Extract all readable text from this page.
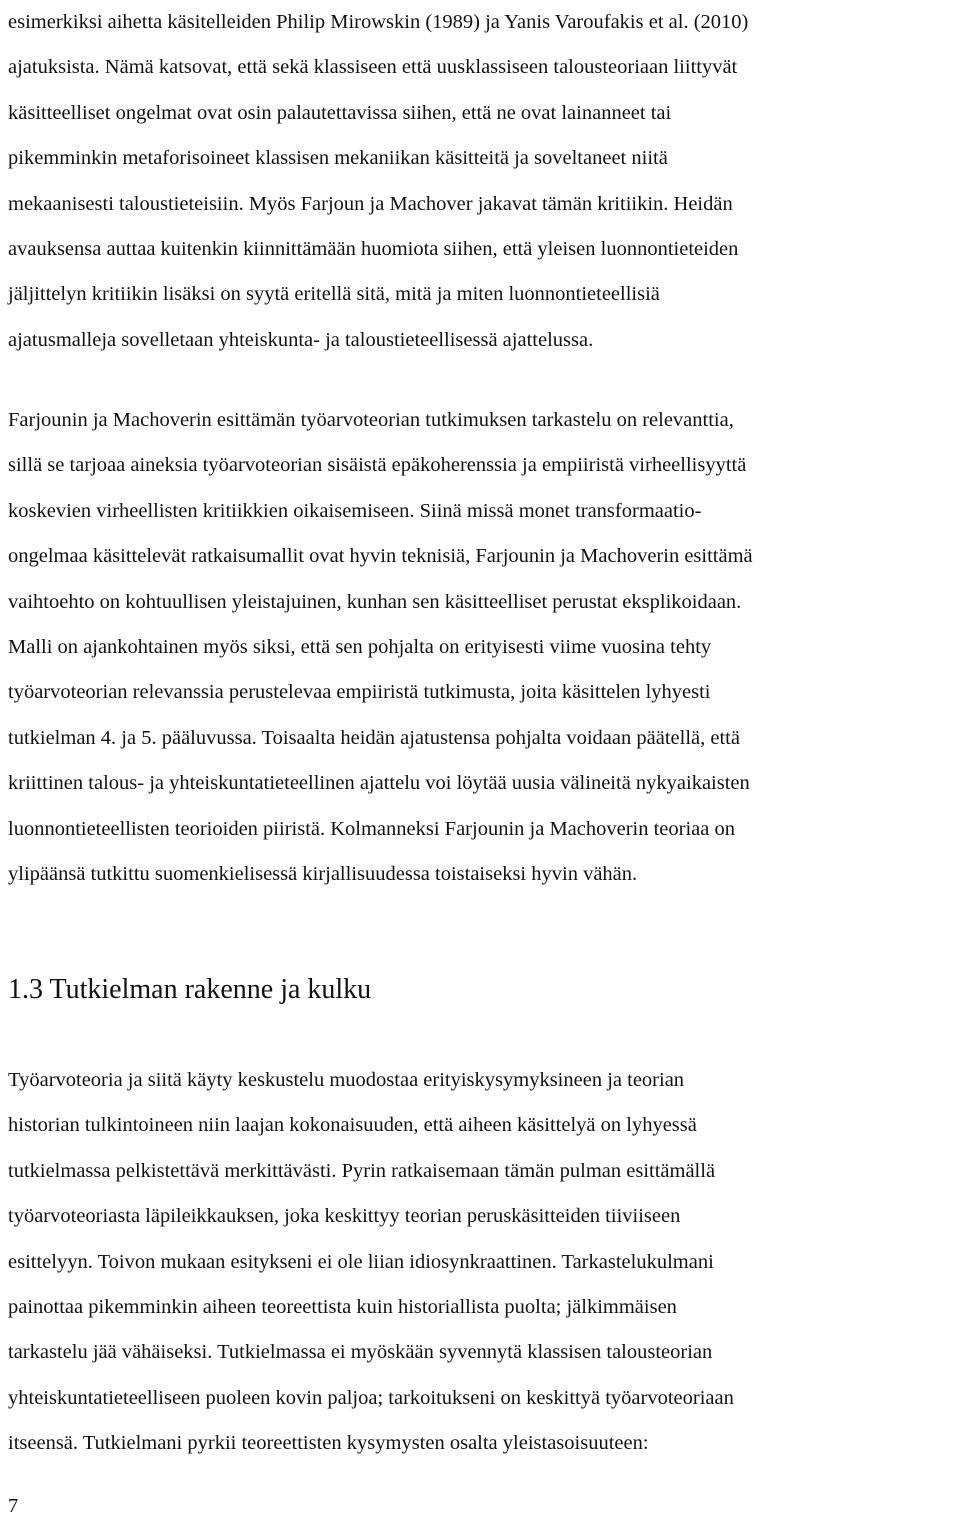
esimerkiksi aihetta käsitelleiden Philip Mirowskin (1989) ja Yanis Varoufakis et al. (2010)
ajatuksista. Nämä katsovat, että sekä klassiseen että uusklassiseen talousteoriaan liittyvät
käsitteelliset ongelmat ovat osin palautettavissa siihen, että ne ovat lainanneet tai
pikemminkin metaforisoineet klassisen mekaniikan käsitteitä ja soveltaneet niitä
mekaanisesti taloustieteisiin. Myös Farjoun ja Machover jakavat tämän kritiikin. Heidän
avauksensa auttaa kuitenkin kiinnittämään huomiota siihen, että yleisen luonnontieteiden
jäljittelyn kritiikin lisäksi on syytä eritellä sitä, mitä ja miten luonnontieteellisiä
ajatusmalleja sovelletaan yhteiskunta- ja taloustieteellisessä ajattelussa.
Farjounin ja Machoverin esittämän työarvoteorian tutkimuksen tarkastelu on relevanttia,
sillä se tarjoaa aineksia työarvoteorian sisäistä epäkoherenssia ja empiiristä virheellisyyttä
koskevien virheellisten kritiikkien oikaisemiseen. Siinä missä monet transformaatio-
ongelmaa käsittelevät ratkaisumallit ovat hyvin teknisiä, Farjounin ja Machoverin esittämä
vaihtoehto on kohtuullisen yleistajuinen, kunhan sen käsitteelliset perustat eksplikoidaan.
Malli on ajankohtainen myös siksi, että sen pohjalta on erityisesti viime vuosina tehty
työarvoteorian relevanssia perustelevaa empiiristä tutkimusta, joita käsittelen lyhyesti
tutkielman 4. ja 5. pääluvussa. Toisaalta heidän ajatustensa pohjalta voidaan päätellä, että
kriittinen talous- ja yhteiskuntatieteellinen ajattelu voi löytää uusia välineitä nykyaikaisten
luonnontieteellisten teorioiden piiristä. Kolmanneksi Farjounin ja Machoverin teoriaa on
ylipäänsä tutkittu suomenkielisessä kirjallisuudessa toistaiseksi hyvin vähän.
1.3 Tutkielman rakenne ja kulku
Työarvoteoria ja siitä käyty keskustelu muodostaa erityiskysymyksineen ja teorian
historian tulkintoineen niin laajan kokonaisuuden, että aiheen käsittelyä on lyhyessä
tutkielmassa pelkistettävä merkittävästi. Pyrin ratkaisemaan tämän pulman esittämällä
työarvoteoriasta läpileikkauksen, joka keskittyy teorian peruskäsitteiden tiiviiseen
esittelyyn. Toivon mukaan esitykseni ei ole liian idiosynkraattinen. Tarkastelukulmani
painottaa pikemminkin aiheen teoreettista kuin historiallista puolta; jälkimmäisen
tarkastelu jää vähäiseksi. Tutkielmassa ei myöskään syvennytä klassisen talousteorian
yhteiskuntatieteelliseen puoleen kovin paljoa; tarkoitukseni on keskittyä työarvoteoriaan
itseensä. Tutkielmani pyrkii teoreettisten kysymysten osalta yleistasoisuuteen:
7
